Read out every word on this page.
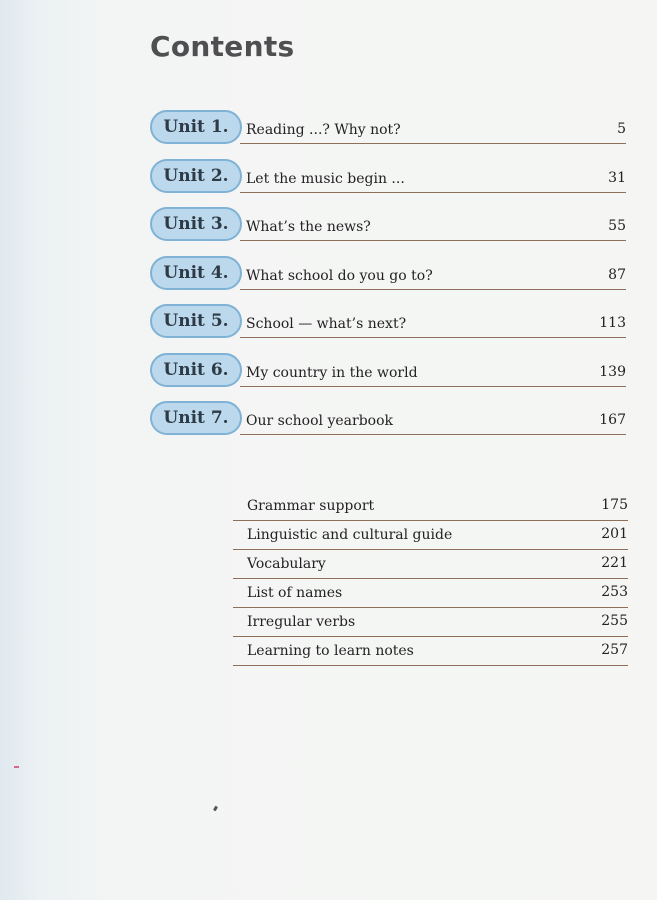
Contents
Unit 1.	Reading ...? Why not?	5
Unit 2.	Let the music begin ...	31
Unit 3.	What’s the news?	55
Unit 4.	What school do you go to?	87
Unit 5.	School — what’s next?	113
Unit 6.	My country in the world	139
Unit 7.	Our school yearbook	167
Grammar support	175
Linguistic and cultural guide	201
Vocabulary	221
List of names	253
Irregular verbs	255
Learning to learn notes	257
